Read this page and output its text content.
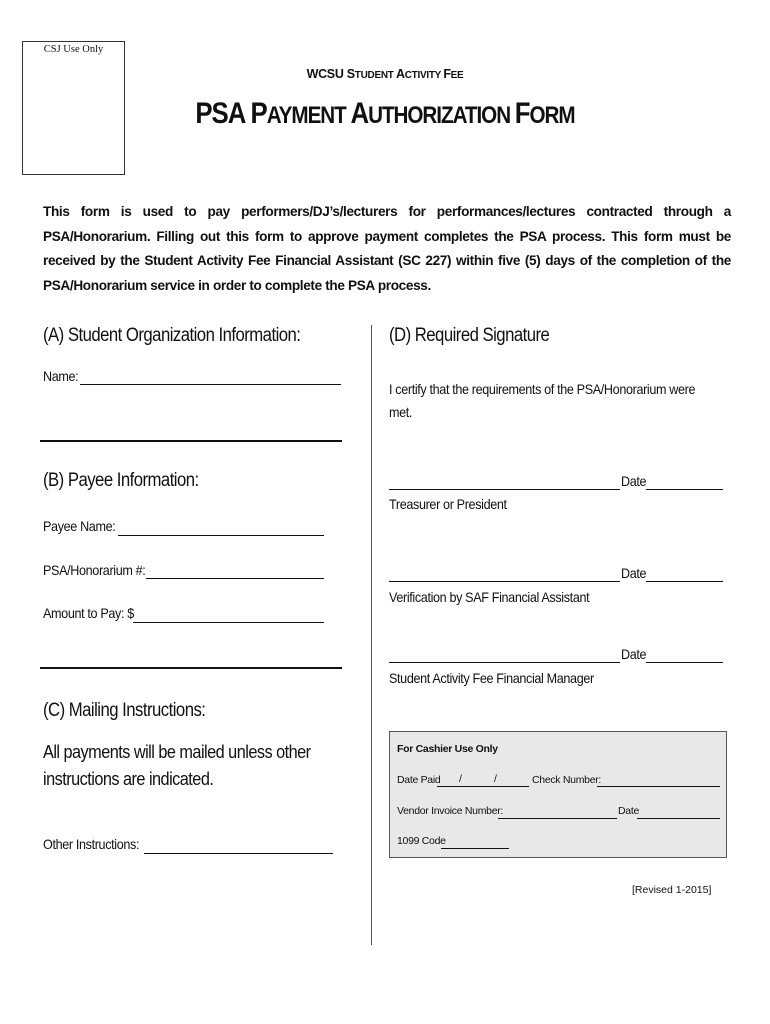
CSJ Use Only
WCSU STUDENT ACTIVITY FEE
PSA PAYMENT AUTHORIZATION FORM
This form is used to pay performers/DJ’s/lecturers for performances/lectures contracted through a PSA/Honorarium. Filling out this form to approve payment completes the PSA process. This form must be received by the Student Activity Fee Financial Assistant (SC 227) within five (5) days of the completion of the PSA/Honorarium service in order to complete the PSA process.
(A) Student Organization Information:
Name:
(B) Payee Information:
Payee Name:
PSA/Honorarium #:
Amount to Pay: $
(C) Mailing Instructions:
All payments will be mailed unless other
instructions are indicated.
Other Instructions:
(D) Required Signature
I certify that the requirements of the PSA/Honorarium were
met.
Date
Treasurer or President
Date
Verification by SAF Financial Assistant
Date
Student Activity Fee Financial Manager
For Cashier Use Only
Date Paid /	/	Check Number:
Vendor Invoice Number:	Date
1099 Code
[Revised 1-2015]
